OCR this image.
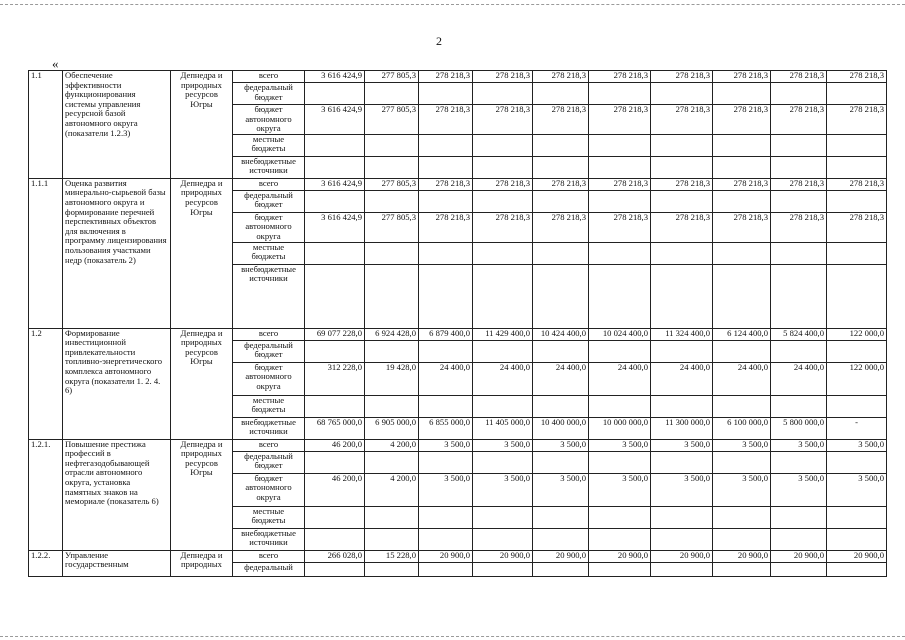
2
«
1.1	Обеспечение эффективности функционирования системы управления ресурсной базой автономного округа (показатели 1.2.3)	Депнедра и природных ресурсов Югры	всего	3 616 424,9	277 805,3	278 218,3	278 218,3	278 218,3	278 218,3	278 218,3	278 218,3	278 218,3	278 218,3
			федеральный бюджет										
			бюджет автономного округа	3 616 424,9	277 805,3	278 218,3	278 218,3	278 218,3	278 218,3	278 218,3	278 218,3	278 218,3	278 218,3
			местные бюджеты										
			внебюджетные источники										
1.1.1	Оценка развития минерально-сырьевой базы автономного округа и формирование перечней перспективных объектов для включения в программу лицензирования пользования участками недр (показатель 2)	Депнедра и природных ресурсов Югры	всего	3 616 424,9	277 805,3	278 218,3	278 218,3	278 218,3	278 218,3	278 218,3	278 218,3	278 218,3	278 218,3
			федеральный бюджет										
			бюджет автономного округа	3 616 424,9	277 805,3	278 218,3	278 218,3	278 218,3	278 218,3	278 218,3	278 218,3	278 218,3	278 218,3
			местные бюджеты										
			внебюджетные источники										
1.2	Формирование инвестиционной привлекательности топливно-энергетического комплекса автономного округа (показатели 1. 2. 4. 6)	Депнедра и природных ресурсов Югры	всего	69 077 228,0	6 924 428,0	6 879 400,0	11 429 400,0	10 424 400,0	10 024 400,0	11 324 400,0	6 124 400,0	5 824 400,0	122 000,0
			федеральный бюджет										
			бюджет автономного округа	312 228,0	19 428,0	24 400,0	24 400,0	24 400,0	24 400,0	24 400,0	24 400,0	24 400,0	122 000,0
			местные бюджеты										
			внебюджетные источники	68 765 000,0	6 905 000,0	6 855 000,0	11 405 000,0	10 400 000,0	10 000 000,0	11 300 000,0	6 100 000,0	5 800 000,0	-
1.2.1.	Повышение престижа профессий в нефтегазодобывающей отрасли автономного округа, установка памятных знаков на мемориале (показатель 6)	Депнедра и природных ресурсов Югры	всего	46 200,0	4 200,0	3 500,0	3 500,0	3 500,0	3 500,0	3 500,0	3 500,0	3 500,0	3 500,0
			федеральный бюджет										
			бюджет автономного округа	46 200,0	4 200,0	3 500,0	3 500,0	3 500,0	3 500,0	3 500,0	3 500,0	3 500,0	3 500,0
			местные бюджеты										
			внебюджетные источники										
1.2.2.	Управление государственным	Депнедра и природных	всего	266 028,0	15 228,0	20 900,0	20 900,0	20 900,0	20 900,0	20 900,0	20 900,0	20 900,0	20 900,0
			федеральный										
